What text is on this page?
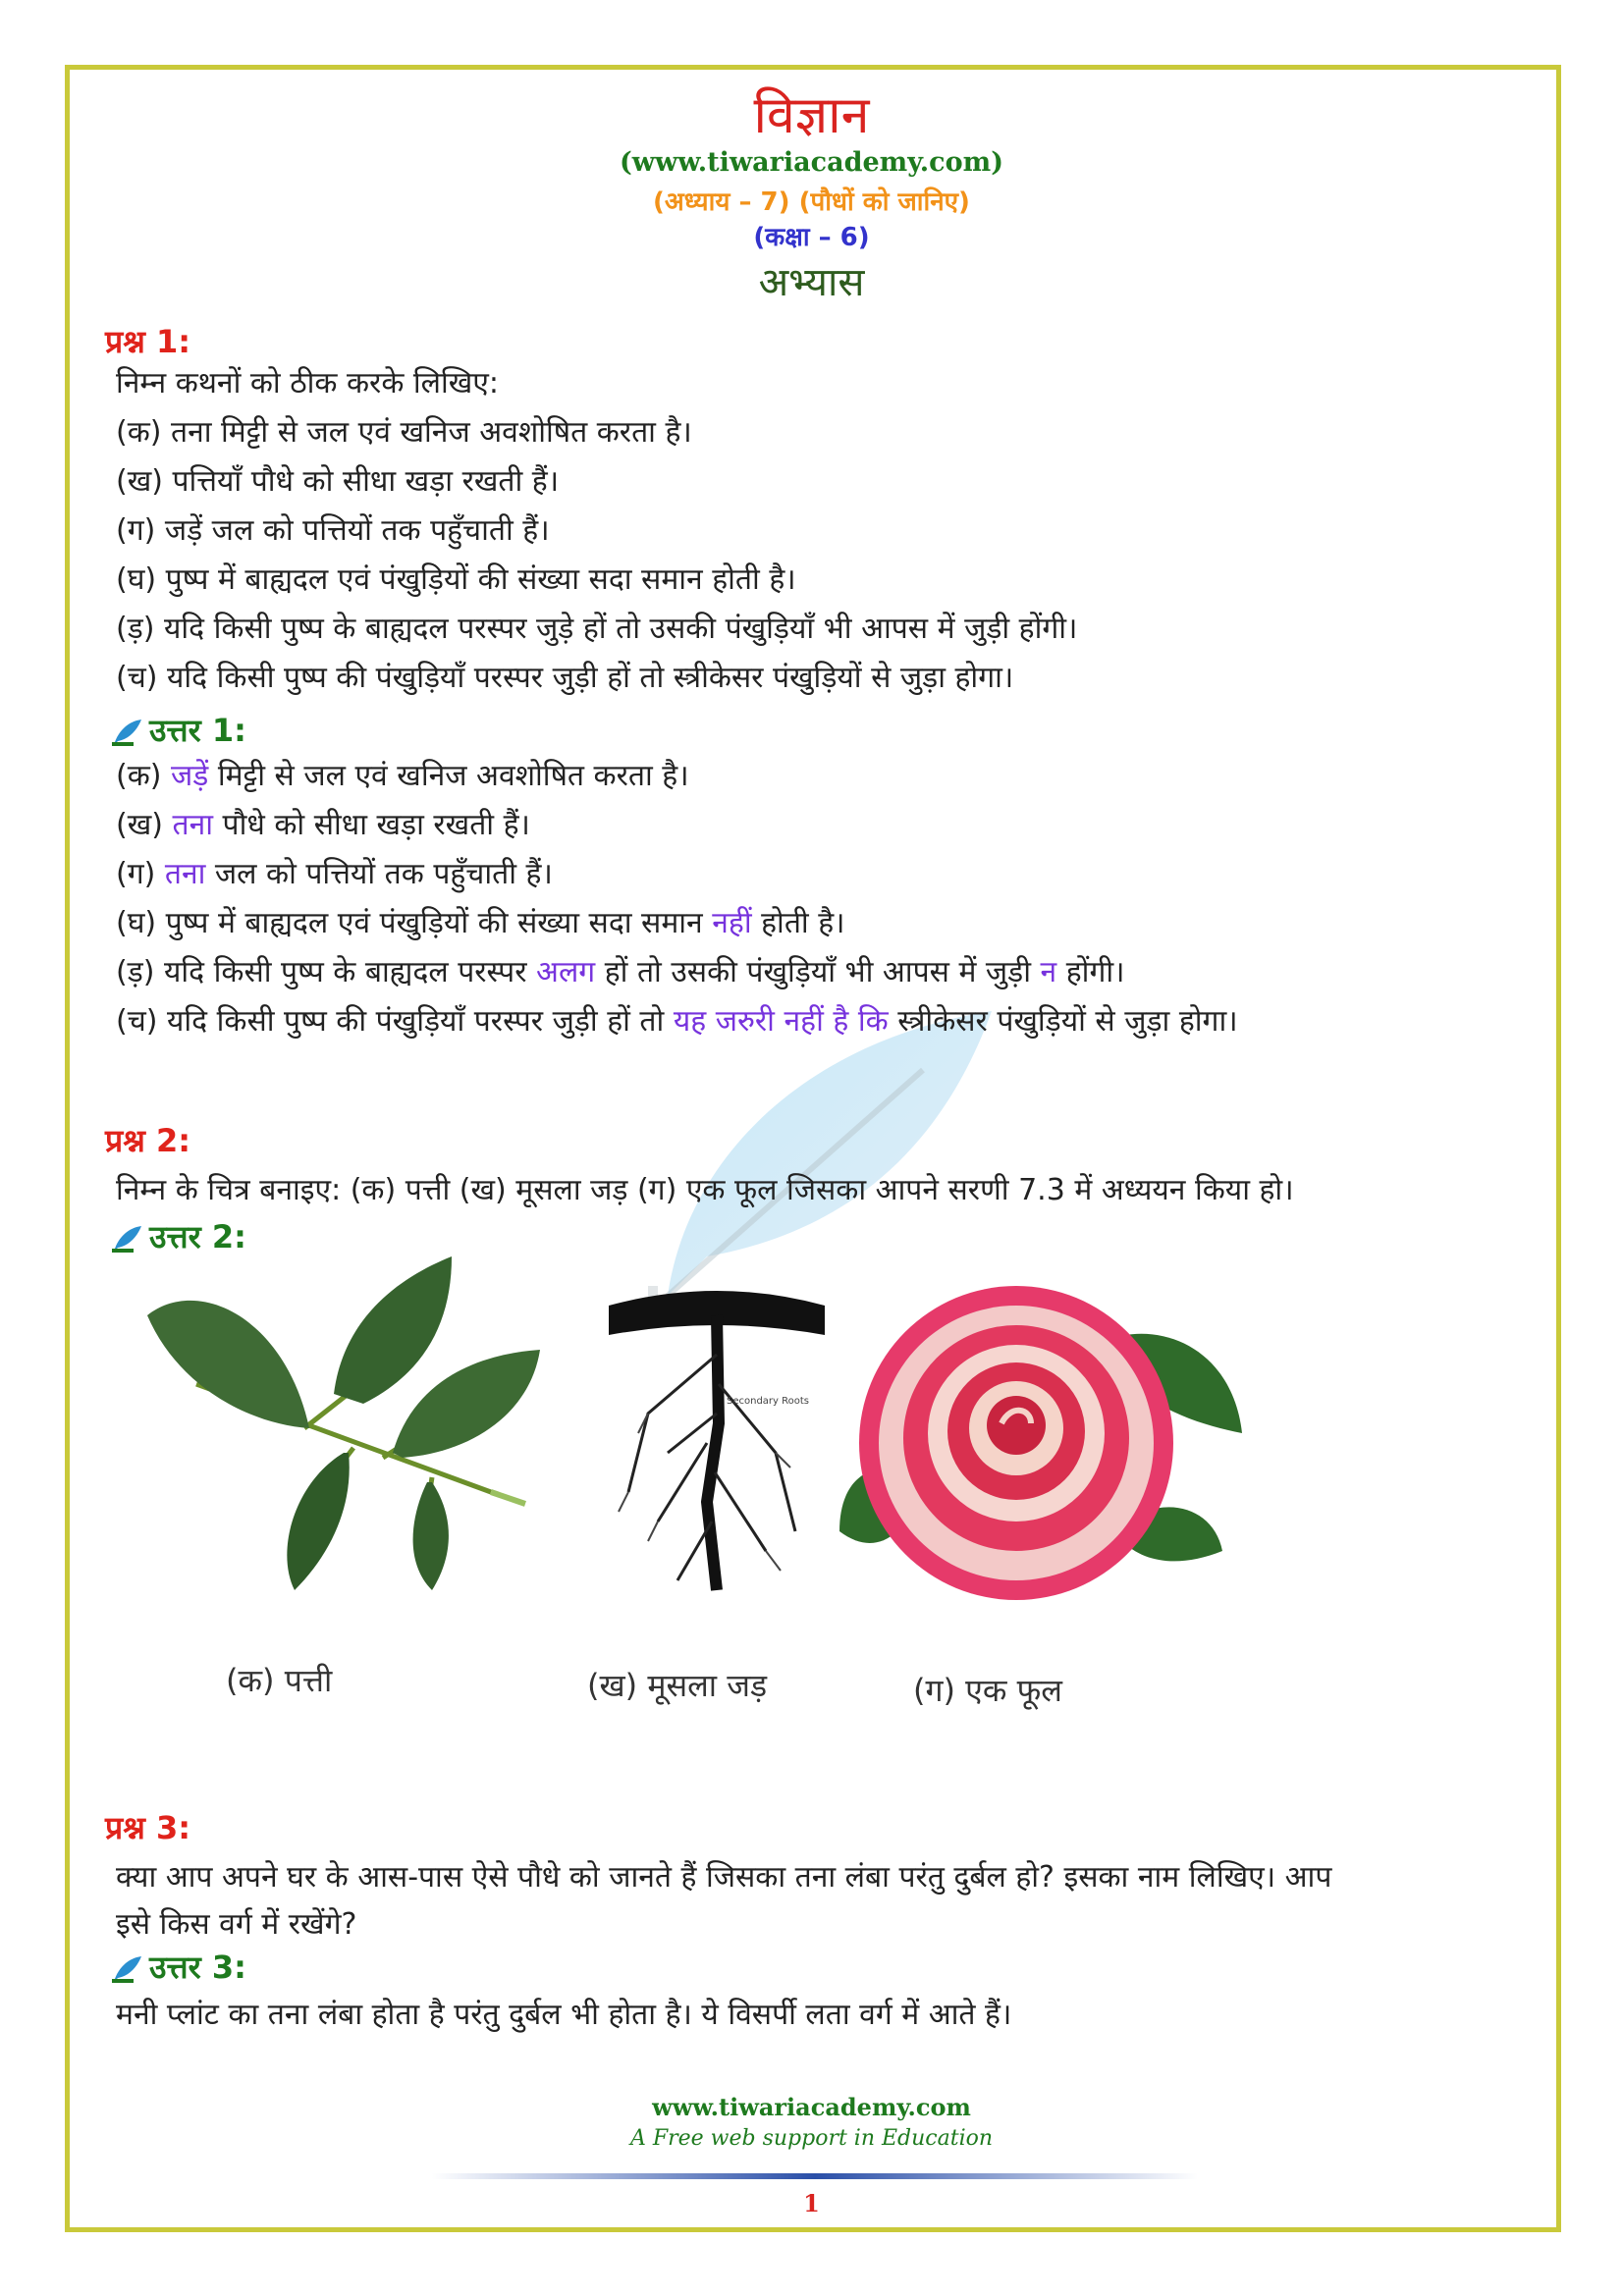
विज्ञान
(www.tiwariacademy.com)
(अध्याय – 7) (पौधों को जानिए)
(कक्षा – 6)
अभ्यास
प्रश्न 1:
निम्न कथनों को ठीक करके लिखिए:
(क) तना मिट्टी से जल एवं खनिज अवशोषित करता है।
(ख) पत्तियाँ पौधे को सीधा खड़ा रखती हैं।
(ग) जड़ें जल को पत्तियों तक पहुँचाती हैं।
(घ) पुष्प में बाह्यदल एवं पंखुड़ियों की संख्या सदा समान होती है।
(ड़) यदि किसी पुष्प के बाह्यदल परस्पर जुड़े हों तो उसकी पंखुड़ियाँ भी आपस में जुड़ी होंगी।
(च) यदि किसी पुष्प की पंखुड़ियाँ परस्पर जुड़ी हों तो स्त्रीकेसर पंखुड़ियों से जुड़ा होगा।
उत्तर 1:
(क) जड़ें मिट्टी से जल एवं खनिज अवशोषित करता है।
(ख) तना पौधे को सीधा खड़ा रखती हैं।
(ग) तना जल को पत्तियों तक पहुँचाती हैं।
(घ) पुष्प में बाह्यदल एवं पंखुड़ियों की संख्या सदा समान नहीं होती है।
(ड़) यदि किसी पुष्प के बाह्यदल परस्पर अलग हों तो उसकी पंखुड़ियाँ भी आपस में जुड़ी न होंगी।
(च) यदि किसी पुष्प की पंखुड़ियाँ परस्पर जुड़ी हों तो यह जरुरी नहीं है कि स्त्रीकेसर पंखुड़ियों से जुड़ा होगा।
प्रश्न 2:
निम्न के चित्र बनाइए: (क) पत्ती (ख) मूसला जड़ (ग) एक फूल जिसका आपने सरणी 7.3 में अध्ययन किया हो।
उत्तर 2:
Secondary Roots
(क) पत्ती	(ख) मूसला जड़	(ग) एक फूल
प्रश्न 3:
क्या आप अपने घर के आस-पास ऐसे पौधे को जानते हैं जिसका तना लंबा परंतु दुर्बल हो? इसका नाम लिखिए। आप
इसे किस वर्ग में रखेंगे?
उत्तर 3:
मनी प्लांट का तना लंबा होता है परंतु दुर्बल भी होता है। ये विसर्पी लता वर्ग में आते हैं।
www.tiwariacademy.com
A Free web support in Education
1
